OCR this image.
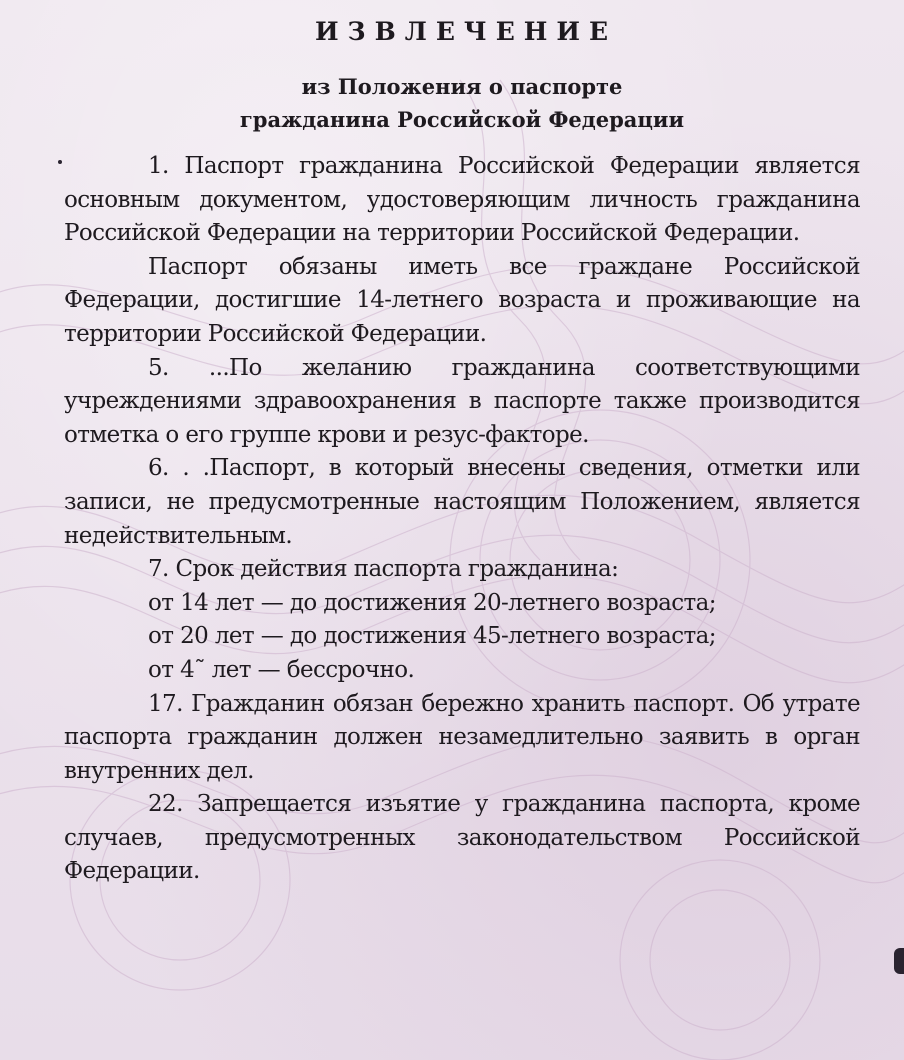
ИЗВЛЕЧЕНИЕ
из Положения о паспорте
гражданина Российской Федерации

1. Паспорт гражданина Российской Федерации является основным документом, удостоверяющим личность гражданина Российской Федерации на территории Российской Федерации.

Паспорт обязаны иметь все граждане Российской Федерации, достигшие 14-летнего возраста и проживающие на территории Российской Федерации.

5. ...По желанию гражданина соответствующими учреждениями здравоохранения в паспорте также производится отметка о его группе крови и резус-факторе.

6. . .Паспорт, в который внесены сведения, отметки или записи, не предусмотренные настоящим Положением, является недействительным.

7. Срок действия паспорта гражданина:

от 14 лет — до достижения 20-летнего возраста;

от 20 лет — до достижения 45-летнего возраста;

от 4˜ лет — бессрочно.

17. Гражданин обязан бережно хранить паспорт. Об утрате паспорта гражданин должен незамедлительно заявить в орган внутренних дел.

22. Запрещается изъятие у гражданина паспорта, кроме случаев, предусмотренных законодательством Российской Федерации.
